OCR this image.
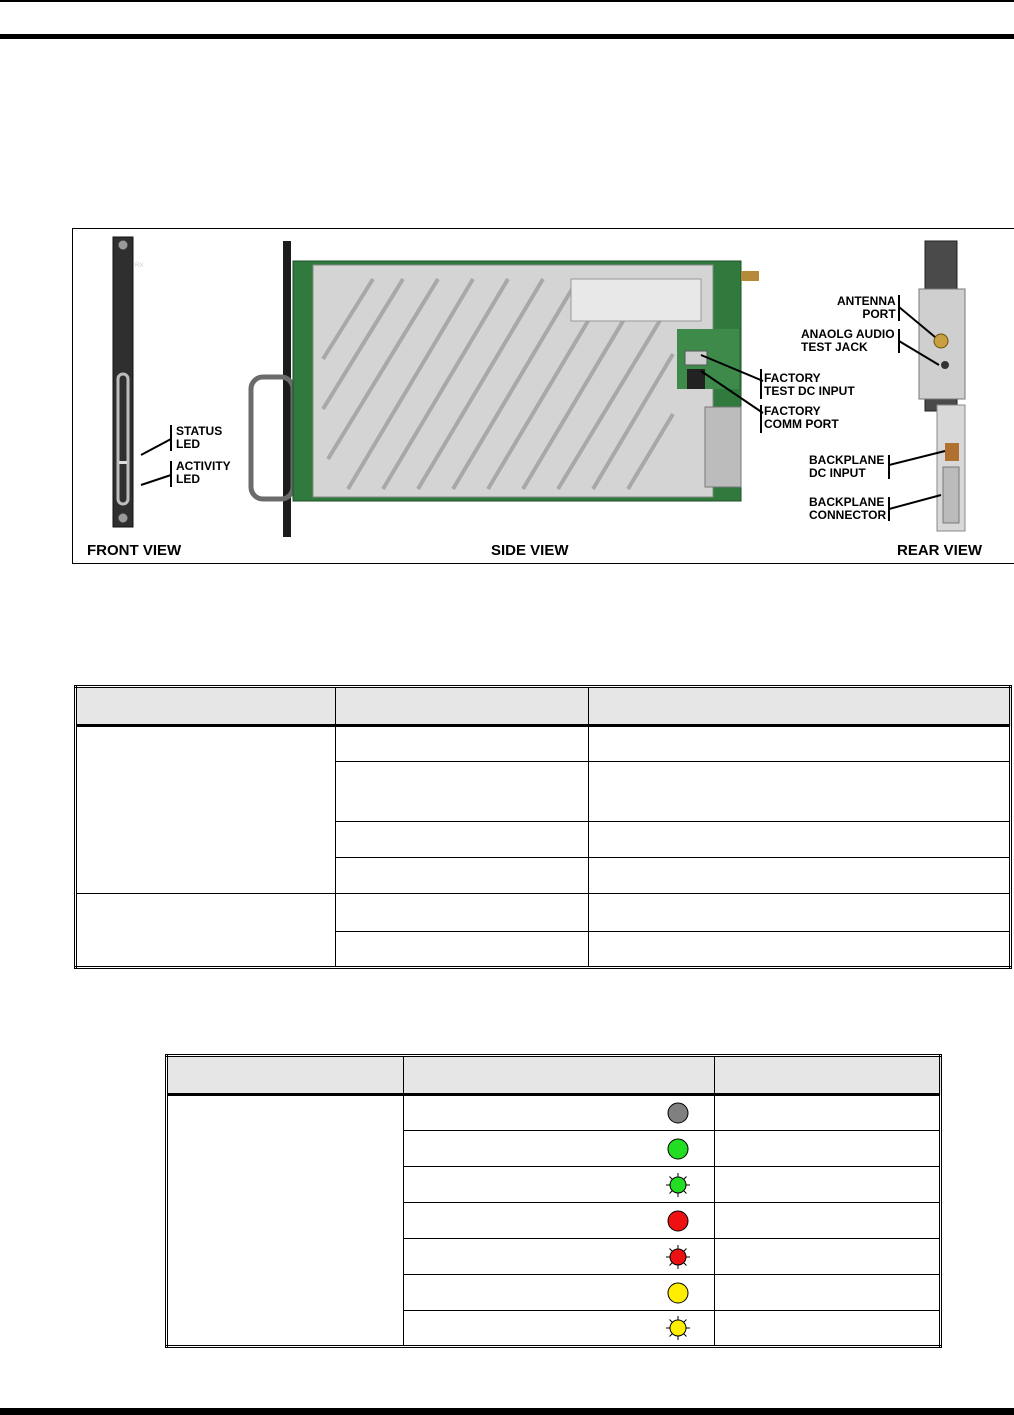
RX
STATUS
LED
ACTIVITY
LED
FACTORY
TEST DC INPUT
FACTORY
COMM PORT
ANTENNA
PORT
ANAOLG AUDIO
TEST JACK
BACKPLANE
DC INPUT
BACKPLANE
CONNECTOR
FRONT VIEW	SIDE VIEW	REAR VIEW
